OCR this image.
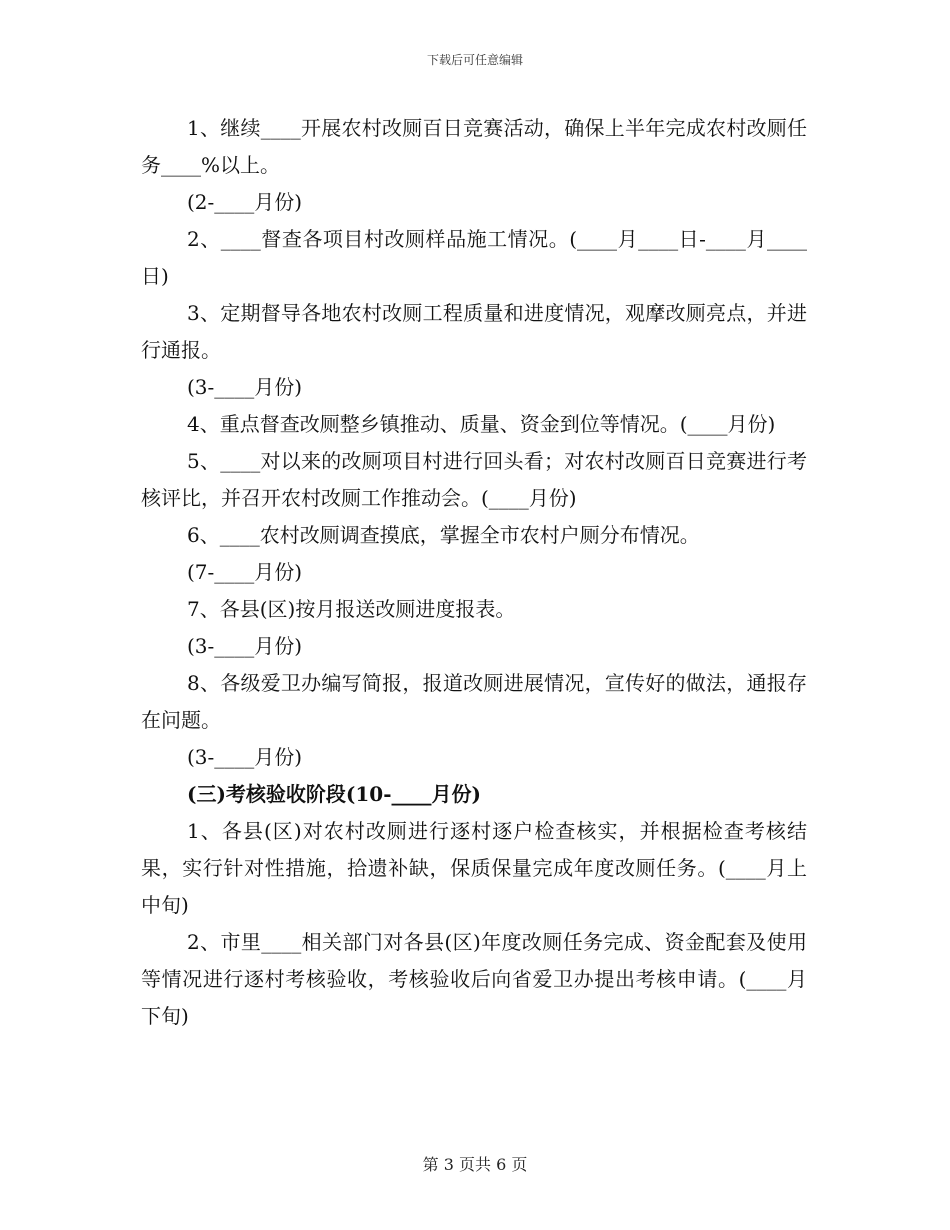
下载后可任意编辑

1、继续____开展农村改厕百日竞赛活动，确保上半年完成农村改厕任务____%以上。

(2-____月份)

2、____督查各项目村改厕样品施工情况。(____月____日-____月____日)

3、定期督导各地农村改厕工程质量和进度情况，观摩改厕亮点，并进行通报。

(3-____月份)

4、重点督查改厕整乡镇推动、质量、资金到位等情况。(____月份)

5、____对以来的改厕项目村进行回头看；对农村改厕百日竞赛进行考核评比，并召开农村改厕工作推动会。(____月份)

6、____农村改厕调查摸底，掌握全市农村户厕分布情况。

(7-____月份)

7、各县(区)按月报送改厕进度报表。

(3-____月份)

8、各级爱卫办编写简报，报道改厕进展情况，宣传好的做法，通报存在问题。

(3-____月份)

(三)考核验收阶段(10-____月份)

1、各县(区)对农村改厕进行逐村逐户检查核实，并根据检查考核结果，实行针对性措施，拾遗补缺，保质保量完成年度改厕任务。(____月上中旬)

2、市里____相关部门对各县(区)年度改厕任务完成、资金配套及使用等情况进行逐村考核验收，考核验收后向省爱卫办提出考核申请。(____月下旬)

第 3 页共 6 页
